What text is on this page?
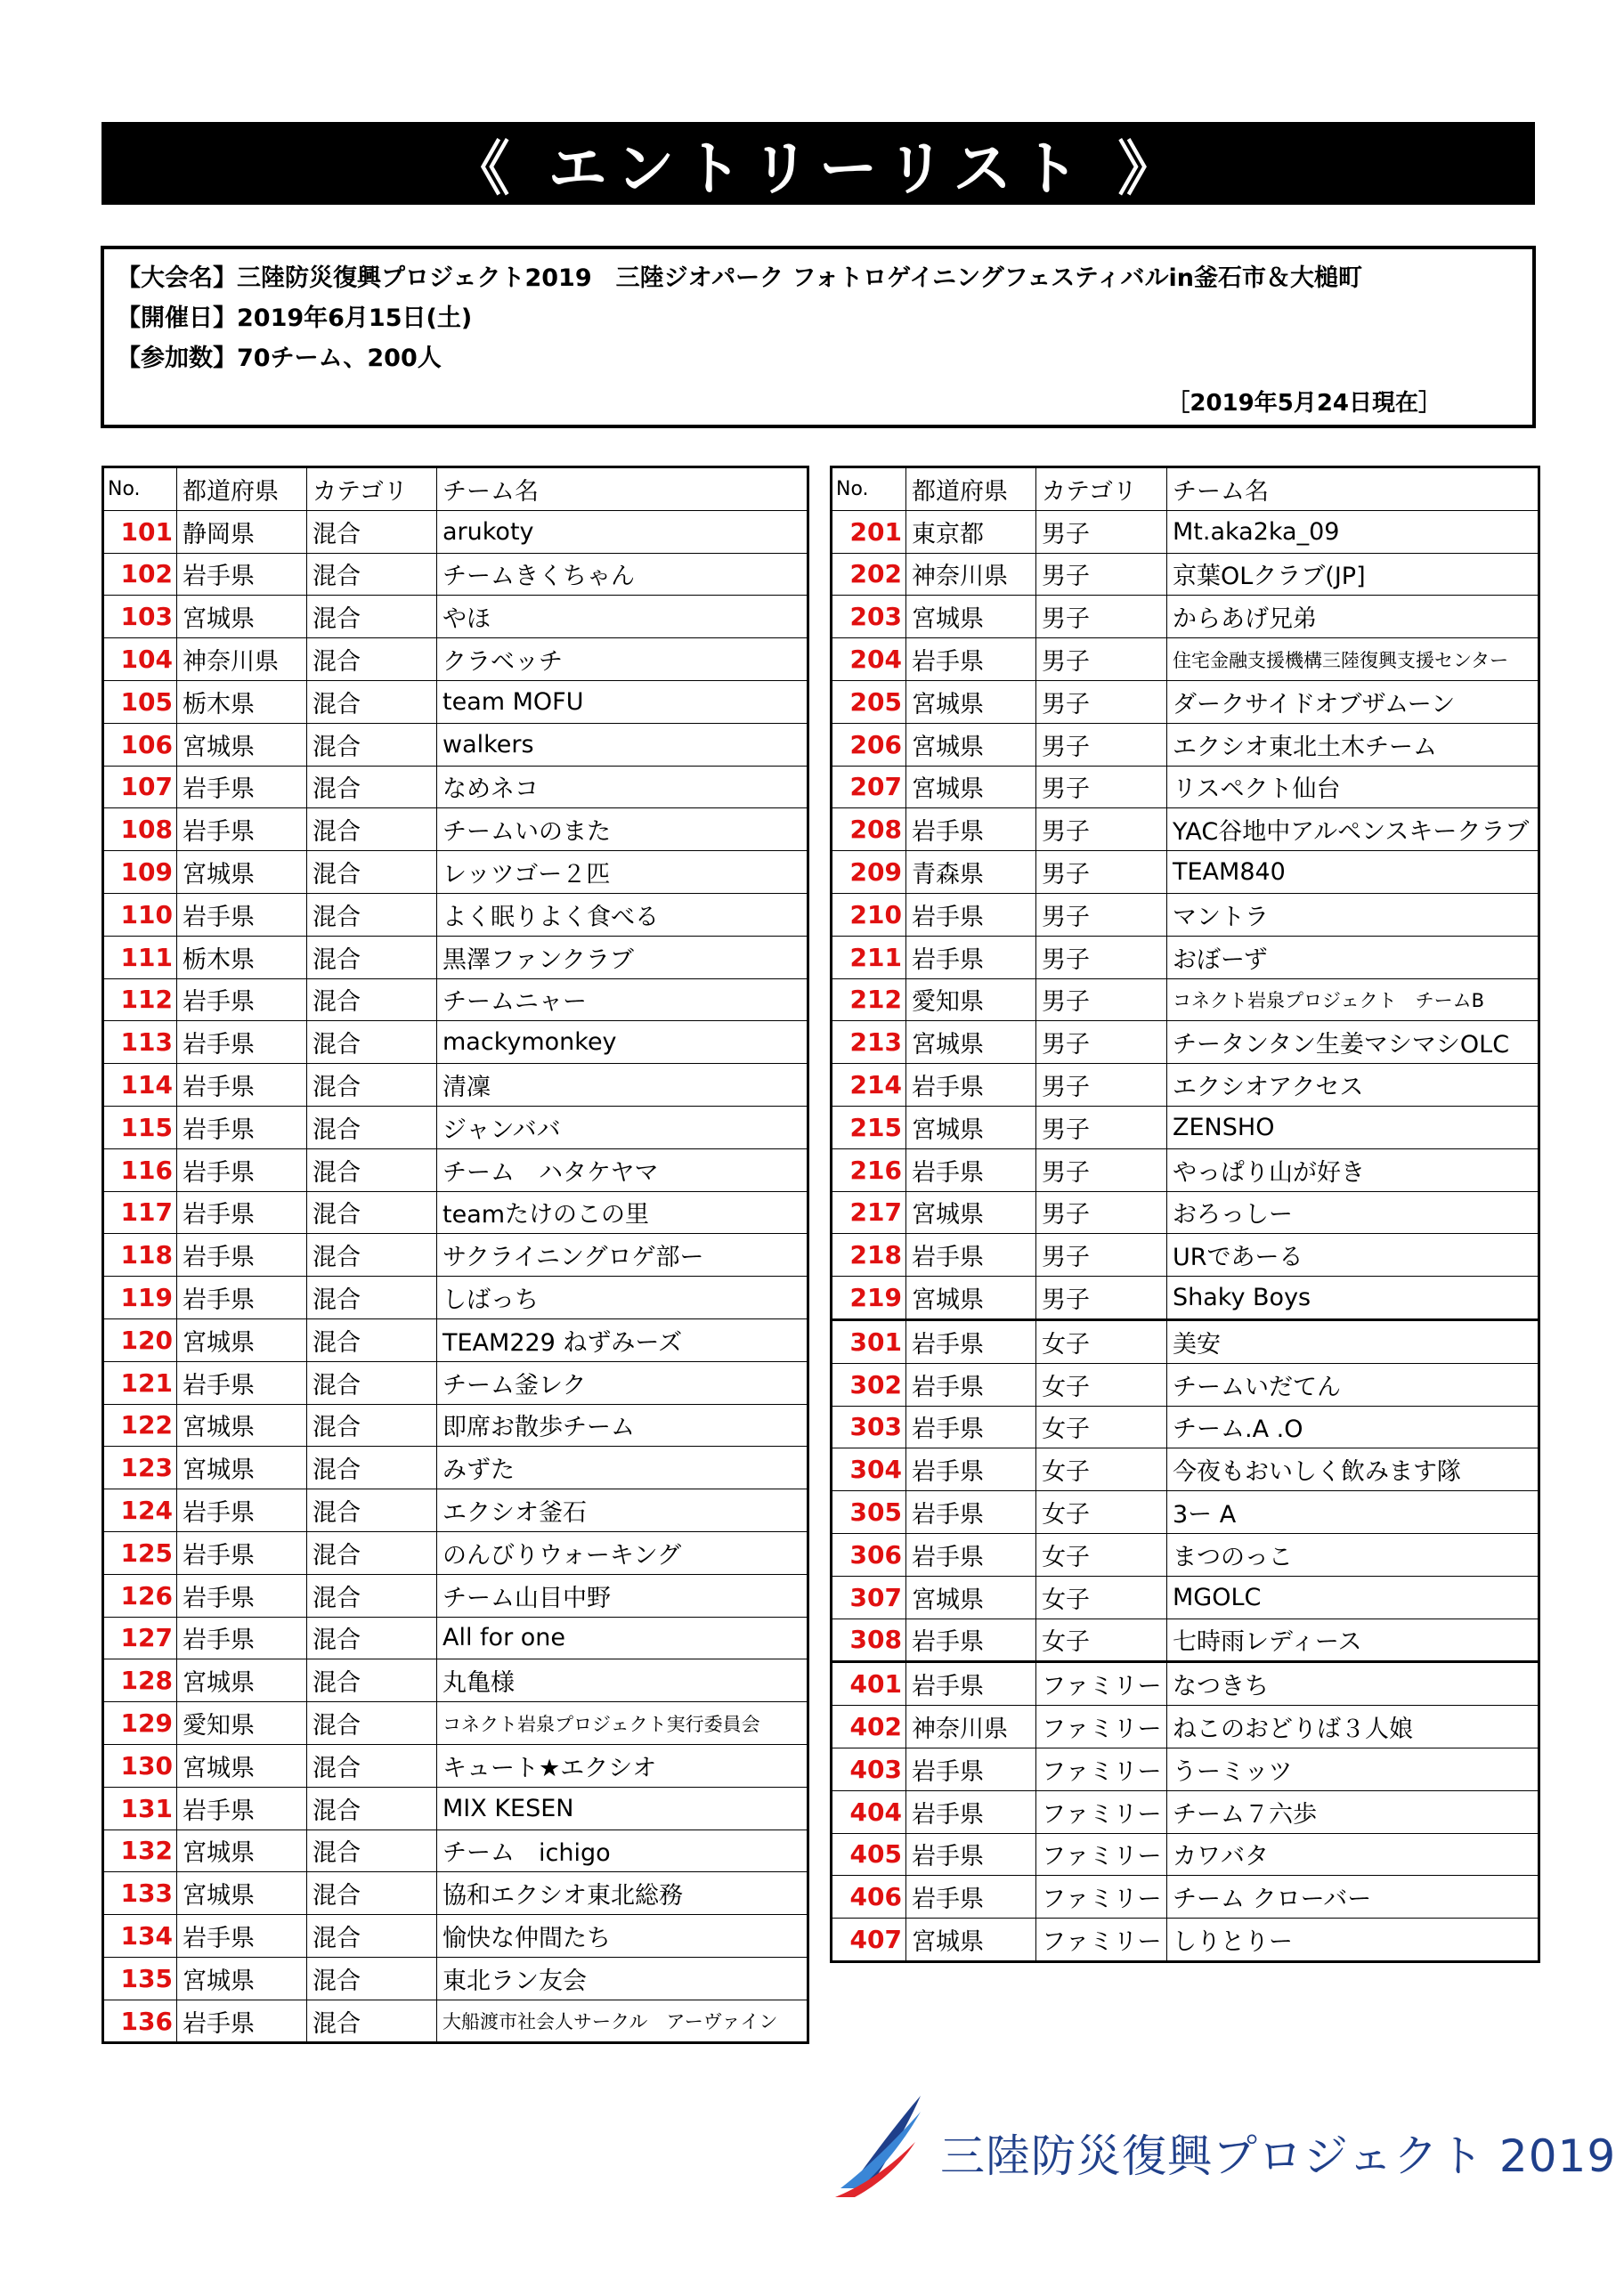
《 エントリーリスト 》
【大会名】三陸防災復興プロジェクト2019　三陸ジオパーク フォトロゲイニングフェスティバルin釜石市＆大槌町
【開催日】2019年6月15日(土)
【参加数】70チーム、200人
［2019年5月24日現在］
No.	都道府県	カテゴリ	チーム名
101	静岡県	混合	arukoty
102	岩手県	混合	チームきくちゃん
103	宮城県	混合	やほ
104	神奈川県	混合	クラベッチ
105	栃木県	混合	team MOFU
106	宮城県	混合	walkers
107	岩手県	混合	なめネコ
108	岩手県	混合	チームいのまた
109	宮城県	混合	レッツゴー２匹
110	岩手県	混合	よく眠りよく食べる
111	栃木県	混合	黒澤ファンクラブ
112	岩手県	混合	チームニャー
113	岩手県	混合	mackymonkey
114	岩手県	混合	清凜
115	岩手県	混合	ジャンババ
116	岩手県	混合	チーム　ハタケヤマ
117	岩手県	混合	teamたけのこの里
118	岩手県	混合	サクライニングロゲ部ー
119	岩手県	混合	しばっち
120	宮城県	混合	TEAM229 ねずみーズ
121	岩手県	混合	チーム釜レク
122	宮城県	混合	即席お散歩チーム
123	宮城県	混合	みずた
124	岩手県	混合	エクシオ釜石
125	岩手県	混合	のんびりウォーキング
126	岩手県	混合	チーム山目中野
127	岩手県	混合	All for one
128	宮城県	混合	丸亀様
129	愛知県	混合	コネクト岩泉プロジェクト実行委員会
130	宮城県	混合	キュート★エクシオ
131	岩手県	混合	MIX KESEN
132	宮城県	混合	チーム　ichigo
133	宮城県	混合	協和エクシオ東北総務
134	岩手県	混合	愉快な仲間たち
135	宮城県	混合	東北ラン友会
136	岩手県	混合	大船渡市社会人サークル　アーヴァイン
No.	都道府県	カテゴリ	チーム名
201	東京都	男子	Mt.aka2ka_09
202	神奈川県	男子	京葉OLクラブ(JP]
203	宮城県	男子	からあげ兄弟
204	岩手県	男子	住宅金融支援機構三陸復興支援センター
205	宮城県	男子	ダークサイドオブザムーン
206	宮城県	男子	エクシオ東北土木チーム
207	宮城県	男子	リスペクト仙台
208	岩手県	男子	YAC谷地中アルペンスキークラブ
209	青森県	男子	TEAM840
210	岩手県	男子	マントラ
211	岩手県	男子	おぼーず
212	愛知県	男子	コネクト岩泉プロジェクト　チームB
213	宮城県	男子	チータンタン生姜マシマシOLC
214	岩手県	男子	エクシオアクセス
215	宮城県	男子	ZENSHO
216	岩手県	男子	やっぱり山が好き
217	宮城県	男子	おろっしー
218	岩手県	男子	URであーる
219	宮城県	男子	Shaky Boys
301	岩手県	女子	美安
302	岩手県	女子	チームいだてん
303	岩手県	女子	チーム.A .O
304	岩手県	女子	今夜もおいしく飲みます隊
305	岩手県	女子	3ー A
306	岩手県	女子	まつのっこ
307	宮城県	女子	MGOLC
308	岩手県	女子	七時雨レディース
401	岩手県	ファミリー	なつきち
402	神奈川県	ファミリー	ねこのおどりば３人娘
403	岩手県	ファミリー	うーミッツ
404	岩手県	ファミリー	チーム７六歩
405	岩手県	ファミリー	カワバタ
406	岩手県	ファミリー	チーム クローバー
407	宮城県	ファミリー	しりとりー
三陸防災復興プロジェクト 2019
